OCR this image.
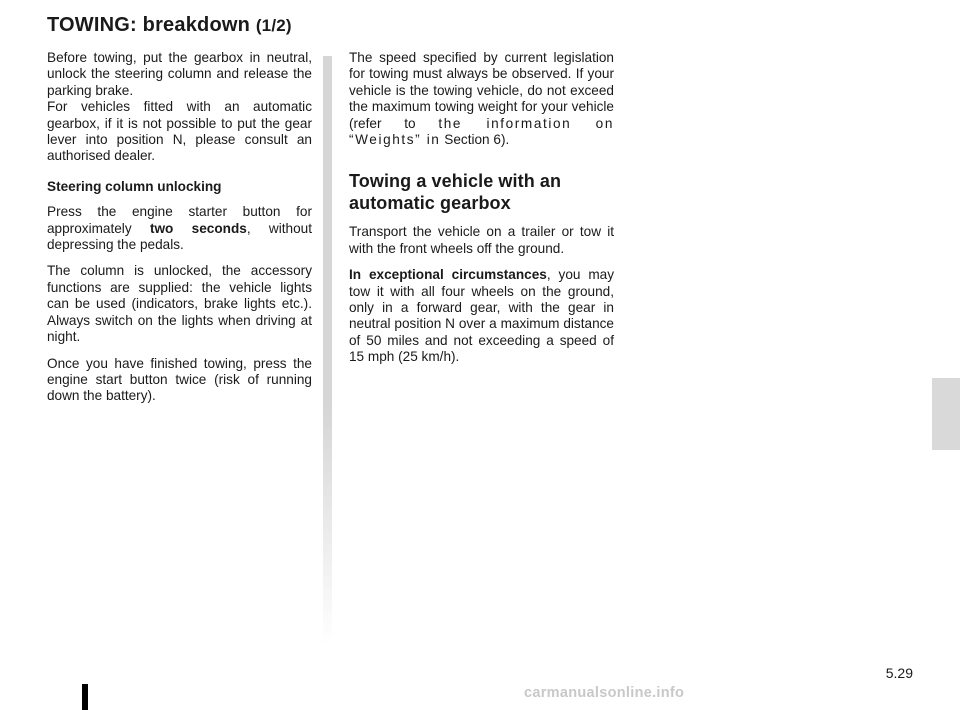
TOWING: breakdown (1/2)

Before towing, put the gearbox in neutral, unlock the steering column and release the parking brake.

For vehicles fitted with an automatic gearbox, if it is not possible to put the gear lever into position N, please consult an authorised dealer.

Steering column unlocking

Press the engine starter button for approximately two seconds, without depressing the pedals.

The column is unlocked, the accessory functions are supplied: the vehicle lights can be used (indicators, brake lights etc.). Always switch on the lights when driving at night.

Once you have finished towing, press the engine start button twice (risk of running down the battery).

The speed specified by current legislation for towing must always be observed. If your vehicle is the towing vehicle, do not exceed the maximum towing weight for your vehicle (refer to the information on “Weights” in Section 6).

Towing a vehicle with an automatic gearbox

Transport the vehicle on a trailer or tow it with the front wheels off the ground.

In exceptional circumstances, you may tow it with all four wheels on the ground, only in a forward gear, with the gear in neutral position N over a maximum distance of 50 miles and not exceeding a speed of 15 mph (25 km/h).

5.29
carmanualsonline.info
